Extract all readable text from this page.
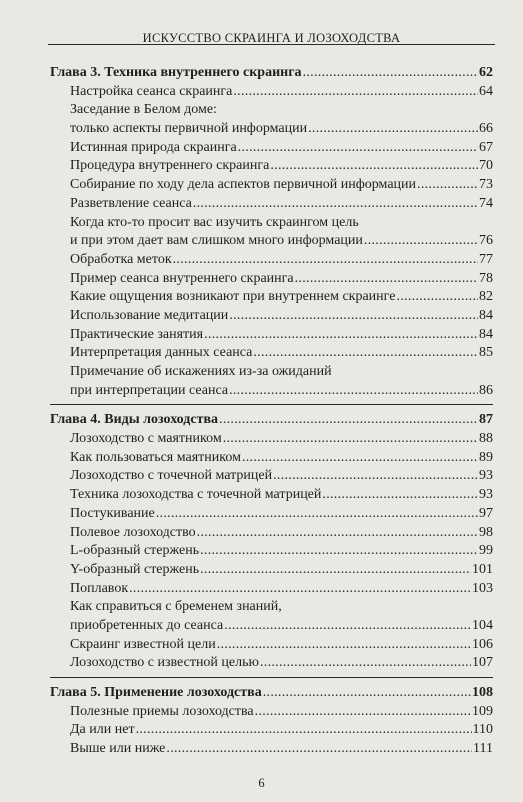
ИСКУССТВО СКРАИНГА И ЛОЗОХОДСТВА
Глава 3. Техника внутреннего скраинга . . .	62
Настройка сеанса скраинга . . .	64
Заседание в Белом доме:
только аспекты первичной информации . . .	66
Истинная природа скраинга . . .	67
Процедура внутреннего скраинга . . .	70
Собирание по ходу дела аспектов первичной информации . . .	73
Разветвление сеанса . . .	74
Когда кто-то просит вас изучить скраингом цель
и при этом дает вам слишком много информации . . .	76
Обработка меток . . .	77
Пример сеанса внутреннего скраинга . . .	78
Какие ощущения возникают при внутреннем скраинге . . .	82
Использование медитации . . .	84
Практические занятия . . .	84
Интерпретация данных сеанса . . .	85
Примечание об искажениях из-за ожиданий
при интерпретации сеанса . . .	86
Глава 4. Виды лозоходства . . .	87
Лозоходство с маятником . . .	88
Как пользоваться маятником . . .	89
Лозоходство с точечной матрицей . . .	93
Техника лозоходства с точечной матрицей . . .	93
Постукивание . . .	97
Полевое лозоходство . . .	98
L-образный стержень . . .	99
Y-образный стержень . . .	101
Поплавок . . .	103
Как справиться с бременем знаний,
приобретенных до сеанса . . .	104
Скраинг известной цели . . .	106
Лозоходство с известной целью . . .	107
Глава 5. Применение лозоходства . . .	108
Полезные приемы лозоходства . . .	109
Да или нет . . .	110
Выше или ниже . . .	111
6
